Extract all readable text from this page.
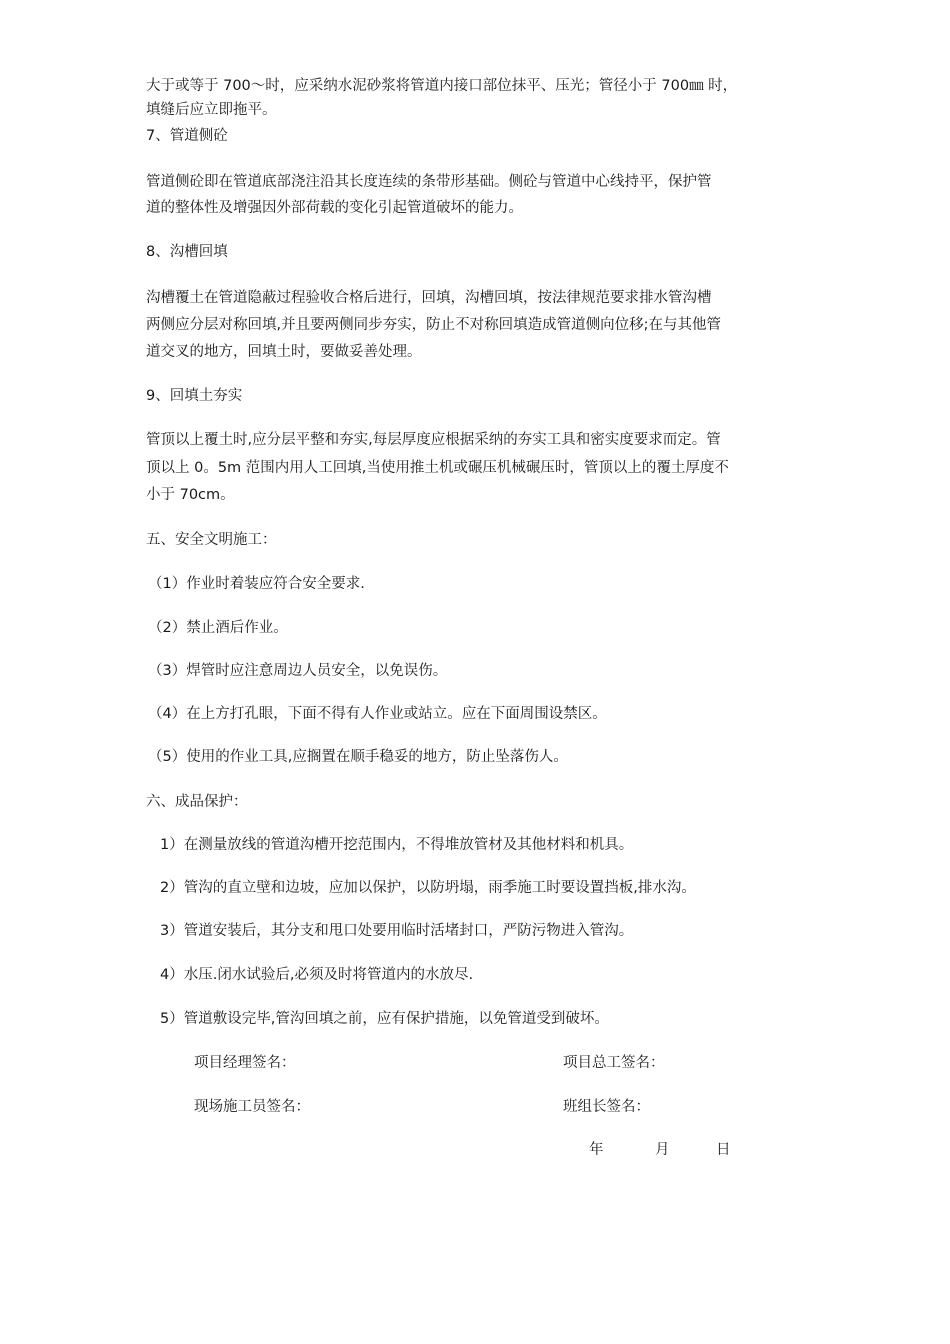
大于或等于 700～时，应采纳水泥砂浆将管道内接口部位抹平、压光；管径小于 700㎜ 时，
填缝后应立即拖平。
7、管道侧砼
管道侧砼即在管道底部浇注沿其长度连续的条带形基础。侧砼与管道中心线持平，保护管
道的整体性及增强因外部荷载的变化引起管道破坏的能力。
8、沟槽回填
沟槽覆土在管道隐蔽过程验收合格后进行，回填，沟槽回填，按法律规范要求排水管沟槽
两侧应分层对称回填,并且要两侧同步夯实，防止不对称回填造成管道侧向位移;在与其他管
道交叉的地方，回填土时，要做妥善处理。
9、回填土夯实
管顶以上覆土时,应分层平整和夯实,每层厚度应根据采纳的夯实工具和密实度要求而定。管
顶以上 0。5m 范围内用人工回填,当使用推土机或碾压机械碾压时，管顶以上的覆土厚度不
小于 70cm。
五、安全文明施工：
（1）作业时着装应符合安全要求.
（2）禁止酒后作业。
（3）焊管时应注意周边人员安全，以免误伤。
（4）在上方打孔眼，下面不得有人作业或站立。应在下面周围设禁区。
（5）使用的作业工具,应搁置在顺手稳妥的地方，防止坠落伤人。
六、成品保护：
1）在测量放线的管道沟槽开挖范围内，不得堆放管材及其他材料和机具。
2）管沟的直立壁和边坡，应加以保护，以防坍塌，雨季施工时要设置挡板,排水沟。
3）管道安装后，其分支和甩口处要用临时活堵封口，严防污物进入管沟。
4）水压.闭水试验后,必须及时将管道内的水放尽.
5）管道敷设完毕,管沟回填之前，应有保护措施，以免管道受到破坏。
项目经理签名：	项目总工签名：
现场施工员签名：	班组长签名：
年	月	日
